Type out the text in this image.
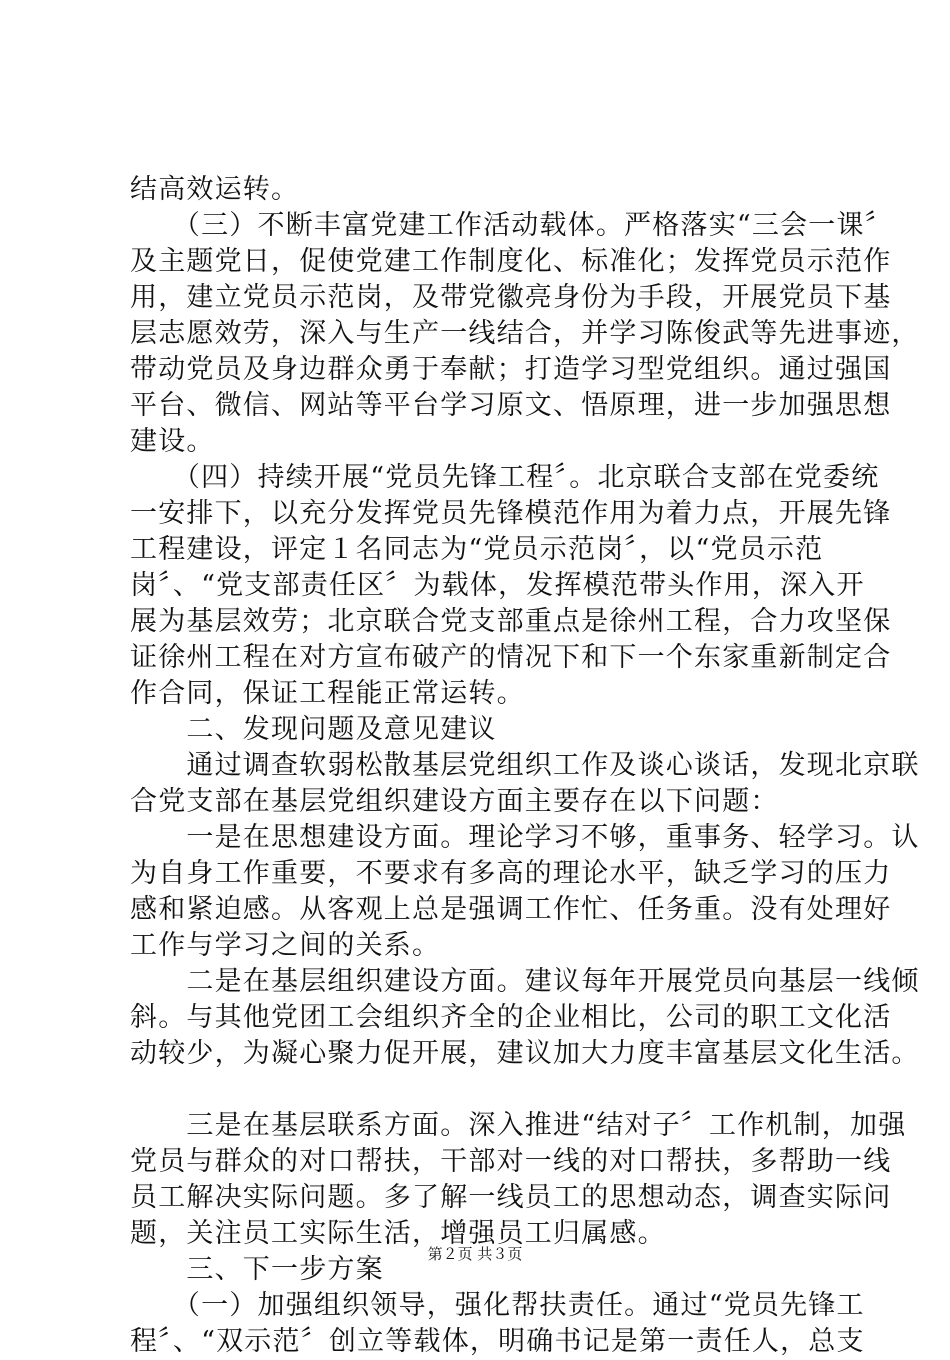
结高效运转。
　　（三）不断丰富党建工作活动载体。严格落实“三会一课〞
及主题党日，促使党建工作制度化、标准化；发挥党员示范作
用，建立党员示范岗，及带党徽亮身份为手段，开展党员下基
层志愿效劳，深入与生产一线结合，并学习陈俊武等先进事迹，
带动党员及身边群众勇于奉献；打造学习型党组织。通过强国
平台、微信、网站等平台学习原文、悟原理，进一步加强思想
建设。
　　（四）持续开展“党员先锋工程〞。北京联合支部在党委统
一安排下，以充分发挥党员先锋模范作用为着力点，开展先锋
工程建设，评定１名同志为“党员示范岗〞，以“党员示范
岗〞、“党支部责任区〞为载体，发挥模范带头作用，深入开
展为基层效劳；北京联合党支部重点是徐州工程，合力攻坚保
证徐州工程在对方宣布破产的情况下和下一个东家重新制定合
作合同，保证工程能正常运转。
　　二、发现问题及意见建议
　　通过调查软弱松散基层党组织工作及谈心谈话，发现北京联
合党支部在基层党组织建设方面主要存在以下问题：
　　一是在思想建设方面。理论学习不够，重事务、轻学习。认
为自身工作重要，不要求有多高的理论水平，缺乏学习的压力
感和紧迫感。从客观上总是强调工作忙、任务重。没有处理好
工作与学习之间的关系。
　　二是在基层组织建设方面。建议每年开展党员向基层一线倾
斜。与其他党团工会组织齐全的企业相比，公司的职工文化活
动较少，为凝心聚力促开展，建议加大力度丰富基层文化生活。
　　三是在基层联系方面。深入推进“结对子〞工作机制，加强
党员与群众的对口帮扶，干部对一线的对口帮扶，多帮助一线
员工解决实际问题。多了解一线员工的思想动态，调查实际问
题，关注员工实际生活，增强员工归属感。
　　三、下一步方案
　　（一）加强组织领导，强化帮扶责任。通过“党员先锋工
程〞、“双示范〞创立等载体，明确书记是第一责任人，总支
第２页 共３页
